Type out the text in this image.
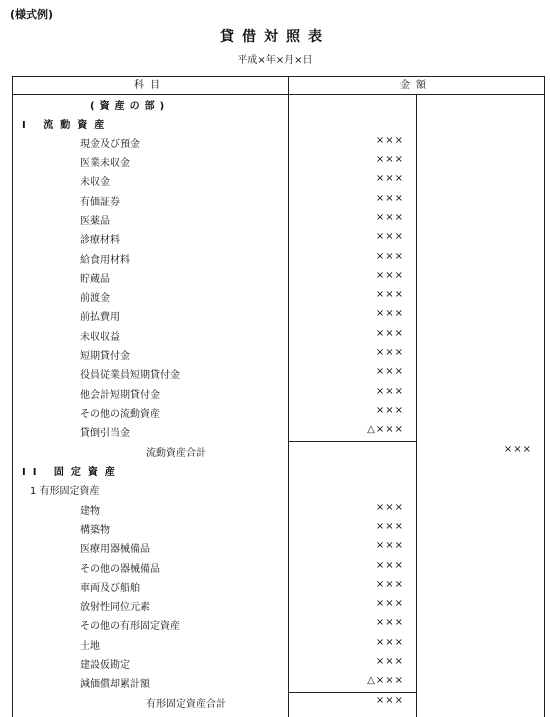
(様式例)
貸借対照表
平成×年×月×日
科目	金額
(資産の部)
I 流動資産
現金及び預金	×××
医業未収金	×××
未収金	×××
有価証券	×××
医薬品	×××
診療材料	×××
給食用材料	×××
貯蔵品	×××
前渡金	×××
前払費用	×××
未収収益	×××
短期貸付金	×××
役員従業員短期貸付金	×××
他会計短期貸付金	×××
その他の流動資産	×××
貸倒引当金	△×××
流動資産合計	×××
II 固定資産
1 有形固定資産
建物	×××
構築物	×××
医療用器械備品	×××
その他の器械備品	×××
車両及び船舶	×××
放射性同位元素	×××
その他の有形固定資産	×××
土地	×××
建設仮勘定	×××
減価償却累計額	△×××
有形固定資産合計	×××
